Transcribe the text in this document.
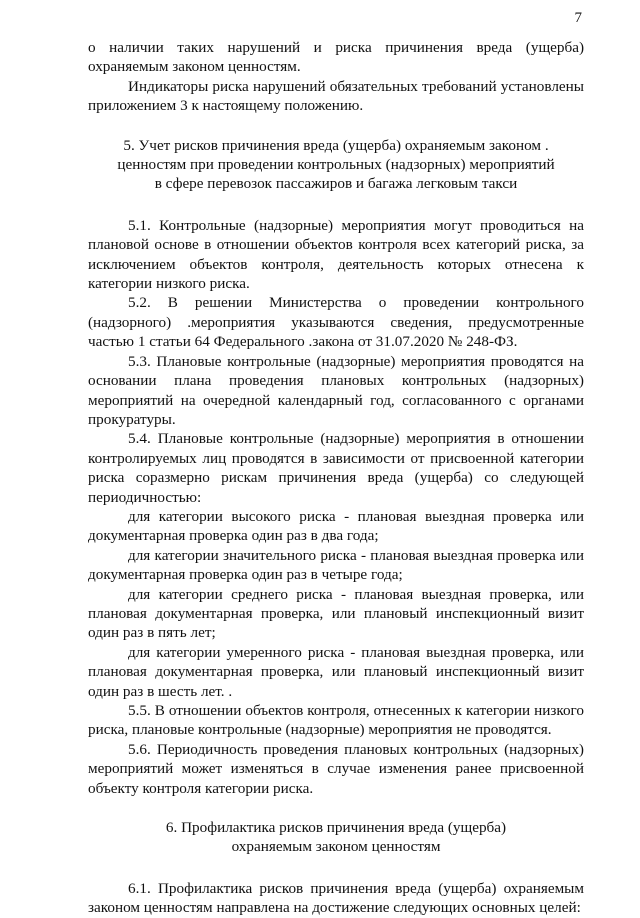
7

о наличии таких нарушений и риска причинения вреда (ущерба) охраняемым законом ценностям.

Индикаторы риска нарушений обязательных требований установлены приложением 3 к настоящему положению.

5. Учет рисков причинения вреда (ущерба) охраняемым законом .
ценностям при проведении контрольных (надзорных) мероприятий
в сфере перевозок пассажиров и багажа легковым такси

5.1. Контрольные (надзорные) мероприятия могут проводиться на плановой основе в отношении объектов контроля всех категорий риска, за исключением объектов контроля, деятельность которых отнесена к категории низкого риска.

5.2. В решении Министерства о проведении контрольного (надзорного) .мероприятия указываются сведения, предусмотренные частью 1 статьи 64 Федерального .закона от 31.07.2020 № 248-ФЗ.

5.3. Плановые контрольные (надзорные) мероприятия проводятся на основании плана проведения плановых контрольных (надзорных) мероприятий на очередной календарный год, согласованного с органами прокуратуры.

5.4. Плановые контрольные (надзорные) мероприятия в отношении контролируемых лиц проводятся в зависимости от присвоенной категории риска соразмерно рискам причинения вреда (ущерба) со следующей периодичностью:

для категории высокого риска - плановая выездная проверка или документарная проверка один раз в два года;

для категории значительного риска - плановая выездная проверка или документарная проверка один раз в четыре года;

для категории среднего риска - плановая выездная проверка, или плановая документарная проверка, или плановый инспекционный визит один раз в пять лет;

для категории умеренного риска - плановая выездная проверка, или плановая документарная проверка, или плановый инспекционный визит один раз в шесть лет. .

5.5. В отношении объектов контроля, отнесенных к категории низкого риска, плановые контрольные (надзорные) мероприятия не проводятся.

5.6. Периодичность проведения плановых контрольных (надзорных) мероприятий может изменяться в случае изменения ранее присвоенной объекту контроля категории риска.

6. Профилактика рисков причинения вреда (ущерба)
охраняемым законом ценностям

6.1. Профилактика рисков причинения вреда (ущерба) охраняемым законом ценностям направлена на достижение следующих основных целей:
